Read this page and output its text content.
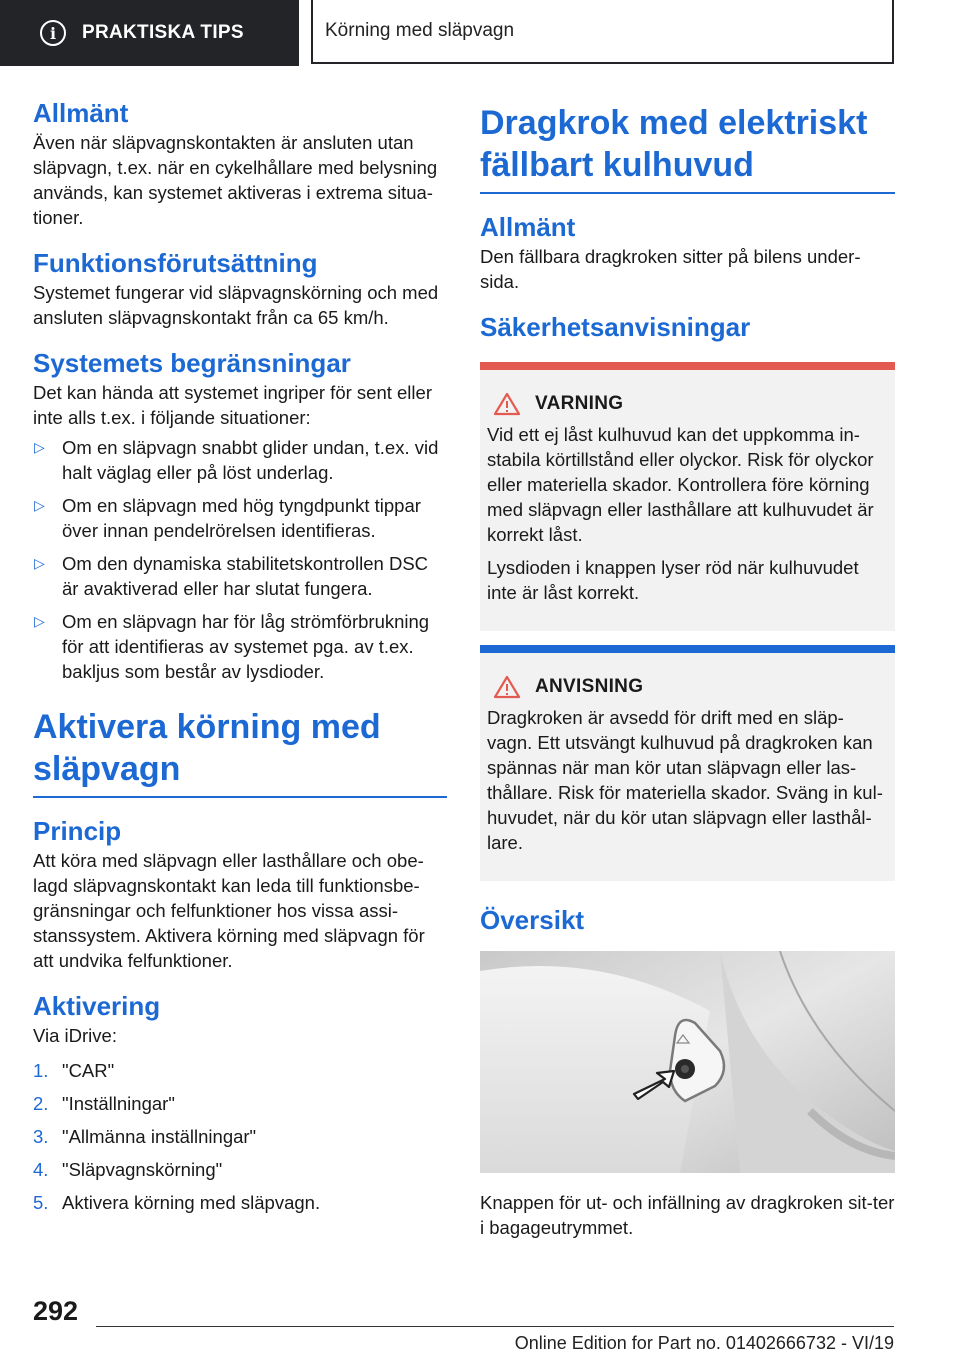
i	PRAKTISKA TIPS	Körning med släpvagn
Allmänt

Även när släpvagnskontakten är ansluten utan släpvagn, t.ex. när en cykelhållare med belysning används, kan systemet aktiveras i extrema situa‐tioner.

Funktionsförutsättning

Systemet fungerar vid släpvagnskörning och med ansluten släpvagnskontakt från ca 65 km/h.

Systemets begränsningar

Det kan hända att systemet ingriper för sent eller inte alls t.ex. i följande situationer:

▷ Om en släpvagn snabbt glider undan, t.ex. vid halt väglag eller på löst underlag.
▷ Om en släpvagn med hög tyngdpunkt tippar över innan pendelrörelsen identifieras.
▷ Om den dynamiska stabilitetskontrollen DSC är avaktiverad eller har slutat fungera.
▷ Om en släpvagn har för låg strömförbrukning för att identifieras av systemet pga. av t.ex. bakljus som består av lysdioder.
Aktivera körning med släpvagn
Princip

Att köra med släpvagn eller lasthållare och obe‐lagd släpvagnskontakt kan leda till funktionsbe‐gränsningar och felfunktioner hos vissa assi‐stanssystem. Aktivera körning med släpvagn för att undvika felfunktioner.

Aktivering

Via iDrive:

1. "CAR"
2. "Inställningar"
3. "Allmänna inställningar"
4. "Släpvagnskörning"
5. Aktivera körning med släpvagn.
Dragkrok med elektriskt fällbart kulhuvud
Allmänt

Den fällbara dragkroken sitter på bilens under‐sida.

Säkerhetsanvisningar
VARNING

Vid ett ej låst kulhuvud kan det uppkomma in‐stabila körtillstånd eller olyckor. Risk för olyckor eller materiella skador. Kontrollera före körning med släpvagn eller lasthållare att kulhuvudet är korrekt låst.

Lysdioden i knappen lyser röd när kulhuvudet inte är låst korrekt.

ANVISNING

Dragkroken är avsedd för drift med en släp‐vagn. Ett utsvängt kulhuvud på dragkroken kan spännas när man kör utan släpvagn eller las‐thållare. Risk för materiella skador. Sväng in kul‐huvudet, när du kör utan släpvagn eller lasthål‐lare.

Översikt

Knappen för ut- och infällning av dragkroken sit‐ter i bagageutrymmet.

292
Online Edition for Part no. 01402666732 - VI/19
